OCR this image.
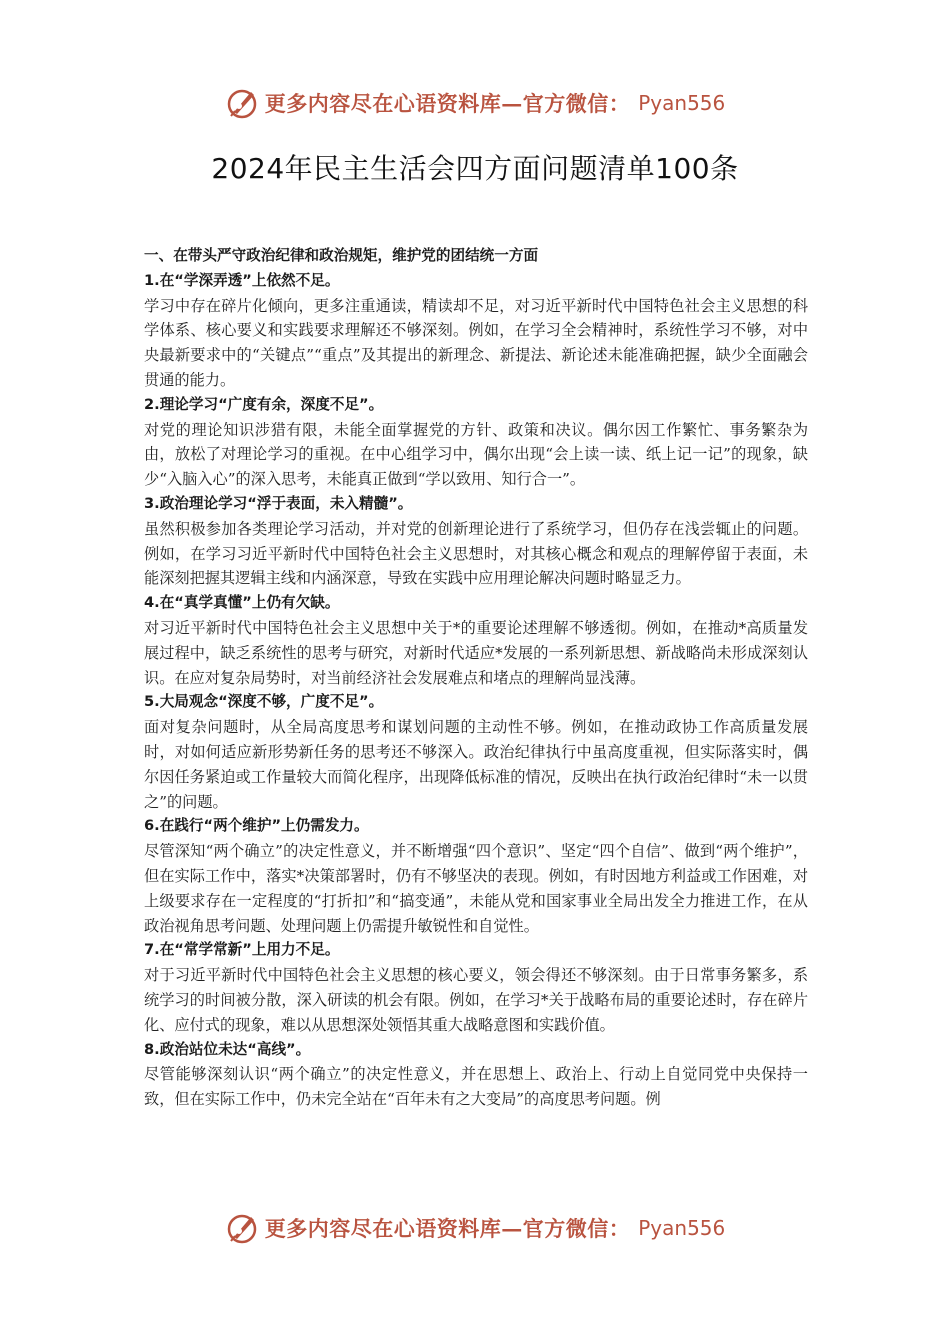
更多内容尽在心语资料库—官方微信： Pyan556
2024年民主生活会四方面问题清单100条

一、在带头严守政治纪律和政治规矩，维护党的团结统一方面

1.在“学深弄透”上依然不足。

学习中存在碎片化倾向，更多注重通读，精读却不足，对习近平新时代中国特色社会主义思想的科学体系、核心要义和实践要求理解还不够深刻。例如，在学习全会精神时，系统性学习不够，对中央最新要求中的“关键点”“重点”及其提出的新理念、新提法、新论述未能准确把握，缺少全面融会贯通的能力。

2.理论学习“广度有余，深度不足”。

对党的理论知识涉猎有限，未能全面掌握党的方针、政策和决议。偶尔因工作繁忙、事务繁杂为由，放松了对理论学习的重视。在中心组学习中，偶尔出现“会上读一读、纸上记一记”的现象，缺少“入脑入心”的深入思考，未能真正做到“学以致用、知行合一”。

3.政治理论学习“浮于表面，未入精髓”。

虽然积极参加各类理论学习活动，并对党的创新理论进行了系统学习，但仍存在浅尝辄止的问题。例如，在学习习近平新时代中国特色社会主义思想时，对其核心概念和观点的理解停留于表面，未能深刻把握其逻辑主线和内涵深意，导致在实践中应用理论解决问题时略显乏力。

4.在“真学真懂”上仍有欠缺。

对习近平新时代中国特色社会主义思想中关于*的重要论述理解不够透彻。例如，在推动*高质量发展过程中，缺乏系统性的思考与研究，对新时代适应*发展的一系列新思想、新战略尚未形成深刻认识。在应对复杂局势时，对当前经济社会发展难点和堵点的理解尚显浅薄。

5.大局观念“深度不够，广度不足”。

面对复杂问题时，从全局高度思考和谋划问题的主动性不够。例如，在推动政协工作高质量发展时，对如何适应新形势新任务的思考还不够深入。政治纪律执行中虽高度重视，但实际落实时，偶尔因任务紧迫或工作量较大而简化程序，出现降低标准的情况，反映出在执行政治纪律时“未一以贯之”的问题。

6.在践行“两个维护”上仍需发力。

尽管深知“两个确立”的决定性意义，并不断增强“四个意识”、坚定“四个自信”、做到“两个维护”，但在实际工作中，落实*决策部署时，仍有不够坚决的表现。例如，有时因地方利益或工作困难，对上级要求存在一定程度的“打折扣”和“搞变通”，未能从党和国家事业全局出发全力推进工作，在从政治视角思考问题、处理问题上仍需提升敏锐性和自觉性。

7.在“常学常新”上用力不足。

对于习近平新时代中国特色社会主义思想的核心要义，领会得还不够深刻。由于日常事务繁多，系统学习的时间被分散，深入研读的机会有限。例如，在学习*关于战略布局的重要论述时，存在碎片化、应付式的现象，难以从思想深处领悟其重大战略意图和实践价值。

8.政治站位未达“高线”。

尽管能够深刻认识“两个确立”的决定性意义，并在思想上、政治上、行动上自觉同党中央保持一致，但在实际工作中，仍未完全站在“百年未有之大变局”的高度思考问题。例

更多内容尽在心语资料库—官方微信： Pyan556
